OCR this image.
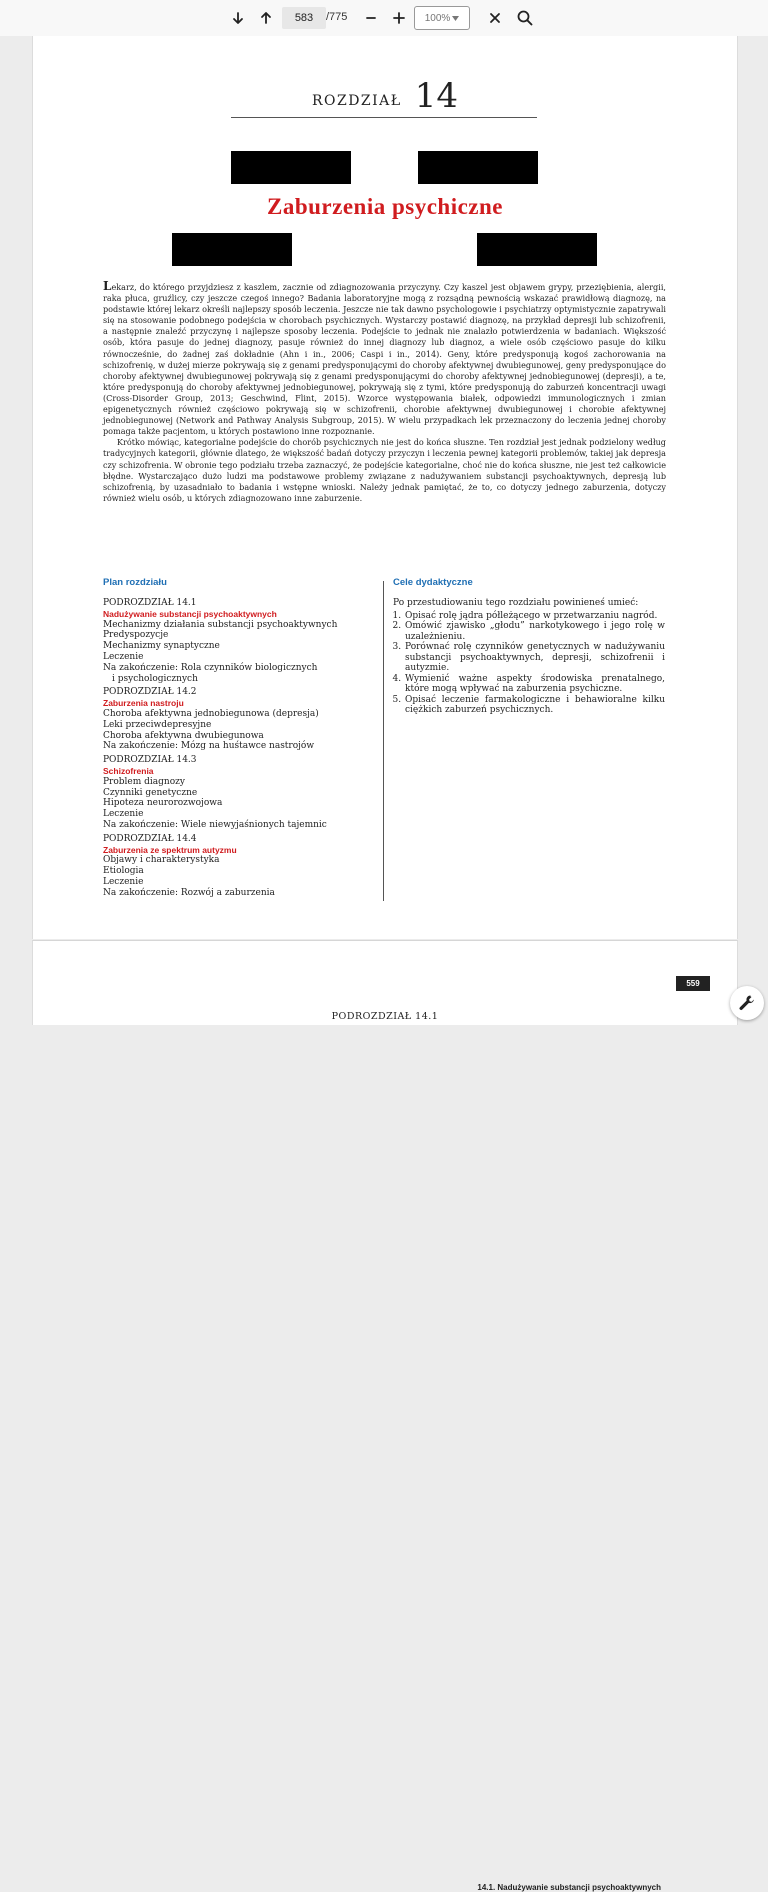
583
/775	100%
ROZDZIAŁ 14
Zaburzenia psychiczne

Lekarz, do którego przyjdziesz z kaszlem, zacznie od zdiagnozowania przyczyny. Czy kaszel jest objawem grypy, przeziębienia, alergii, raka płuca, gruźlicy, czy jeszcze czegoś innego? Badania laboratoryjne mogą z rozsądną pewnością wskazać prawidłową diagnozę, na podstawie której lekarz określi najlepszy sposób leczenia. Jeszcze nie tak dawno psychologowie i psychiatrzy optymistycznie zapatrywali się na stosowanie podobnego podejścia w chorobach psychicznych. Wystarczy postawić diagnozę, na przykład depresji lub schizofrenii, a następnie znaleźć przyczynę i najlepsze sposoby leczenia. Podejście to jednak nie znalazło potwierdzenia w badaniach. Większość osób, która pasuje do jednej diagnozy, pasuje również do innej diagnozy lub diagnoz, a wiele osób częściowo pasuje do kilku równocześnie, do żadnej zaś dokładnie (Ahn i in., 2006; Caspi i in., 2014). Geny, które predysponują kogoś zachorowania na schizofrenię, w dużej mierze pokrywają się z genami predysponującymi do choroby afektywnej dwubiegunowej, geny predysponujące do choroby afektywnej dwubiegunowej pokrywają się z genami predysponującymi do choroby afektywnej jednobiegunowej (depresji), a te, które predysponują do choroby afektywnej jednobiegunowej, pokrywają się z tymi, które predysponują do zaburzeń koncentracji uwagi (Cross-Disorder Group, 2013; Geschwind, Flint, 2015). Wzorce występowania białek, odpowiedzi immunologicznych i zmian epigenetycznych również częściowo pokrywają się w schizofrenii, chorobie afektywnej dwubiegunowej i chorobie afektywnej jednobiegunowej (Network and Pathway Analysis Subgroup, 2015). W wielu przypadkach lek przeznaczony do leczenia jednej choroby pomaga także pacjentom, u których postawiono inne rozpoznanie.

Krótko mówiąc, kategorialne podejście do chorób psychicznych nie jest do końca słuszne. Ten rozdział jest jednak podzielony według tradycyjnych kategorii, głównie dlatego, że większość badań dotyczy przyczyn i leczenia pewnej kategorii problemów, takiej jak depresja czy schizofrenia. W obronie tego podziału trzeba zaznaczyć, że podejście kategorialne, choć nie do końca słuszne, nie jest też całkowicie błędne. Wystarczająco dużo ludzi ma podstawowe problemy związane z nadużywaniem substancji psychoaktywnych, depresją lub schizofrenią, by uzasadniało to badania i wstępne wnioski. Należy jednak pamiętać, że to, co dotyczy jednego zaburzenia, dotyczy również wielu osób, u których zdiagnozowano inne zaburzenie.

Plan rozdziału
PODROZDZIAŁ 14.1
Nadużywanie substancji psychoaktywnych
Mechanizmy działania substancji psychoaktywnych
Predyspozycje
Mechanizmy synaptyczne
Leczenie
Na zakończenie: Rola czynników biologicznych
i psychologicznych
PODROZDZIAŁ 14.2
Zaburzenia nastroju
Choroba afektywna jednobiegunowa (depresja)
Leki przeciwdepresyjne
Choroba afektywna dwubiegunowa
Na zakończenie: Mózg na huśtawce nastrojów
PODROZDZIAŁ 14.3
Schizofrenia
Problem diagnozy
Czynniki genetyczne
Hipoteza neurorozwojowa
Leczenie
Na zakończenie: Wiele niewyjaśnionych tajemnic
PODROZDZIAŁ 14.4
Zaburzenia ze spektrum autyzmu
Objawy i charakterystyka
Etiologia
Leczenie
Na zakończenie: Rozwój a zaburzenia
Cele dydaktyczne
Po przestudiowaniu tego rozdziału powinieneś umieć:
1. Opisać rolę jądra półleżącego w przetwarzaniu nagród.
2. Omówić zjawisko „głodu” narkotykowego i jego rolę w uzależnieniu.
3. Porównać rolę czynników genetycznych w nadużywaniu substancji psychoaktywnych, depresji, schizofrenii i autyzmie.
4. Wymienić ważne aspekty środowiska prenatalnego, które mogą wpływać na zaburzenia psychiczne.
5. Opisać leczenie farmakologiczne i behawioralne kilku ciężkich zaburzeń psychicznych.
14.1. Nadużywanie substancji psychoaktywnych
PODROZDZIAŁ 14.1
559
